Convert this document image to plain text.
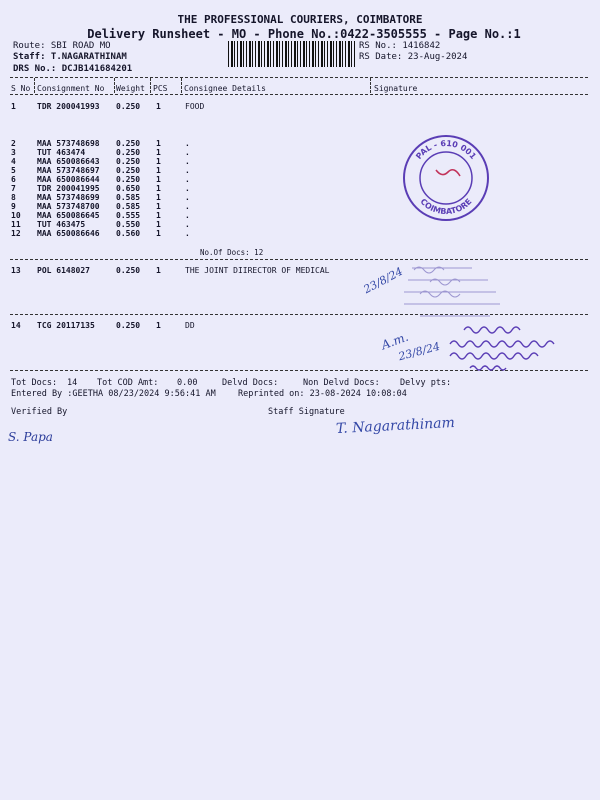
THE PROFESSIONAL COURIERS, COIMBATORE
Delivery Runsheet - MO - Phone No.:0422-3505555 - Page No.:1
Route: SBI ROAD MO
Staff: T.NAGARATHINAM
DRS No.: DCJB141684201
RS No.: 1416842
RS Date: 23-Aug-2024
S No Consignment No Weight PCS Consignee Details	Signature
1	TDR 200041993 0.250 1	FOOD
2	MAA 573748698 0.250 1	.
3	TUT 463474	0.250 1	.
4	MAA 650086643 0.250 1	.
5	MAA 573748697 0.250 1	.
6	MAA 650086644 0.250 1	.
7	TDR 200041995 0.650 1	.
8	MAA 573748699 0.585 1	.
9	MAA 573748700 0.585 1	.
10 MAA 650086645 0.555 1	.
11 TUT 463475	0.550 1	.
12 MAA 650086646 0.560 1	.
No.Of Docs: 12
13 POL 6148027	0.250 1	THE JOINT DIIRECTOR OF MEDICAL
14 TCG 20117135	0.250 1	DD
PAL - 610 001
COIMBATORE
23/8/24
A.m.
23/8/24
Tot Docs: 14 Tot COD Amt: 0.00	Delvd Docs:	Non Delvd Docs: Delvy pts:
Entered By :GEETHA 08/23/2024 9:56:41 AM	Reprinted on: 23-08-2024 10:08:04
Verified By	Staff Signature
S. Papa	T. Nagarathinam
